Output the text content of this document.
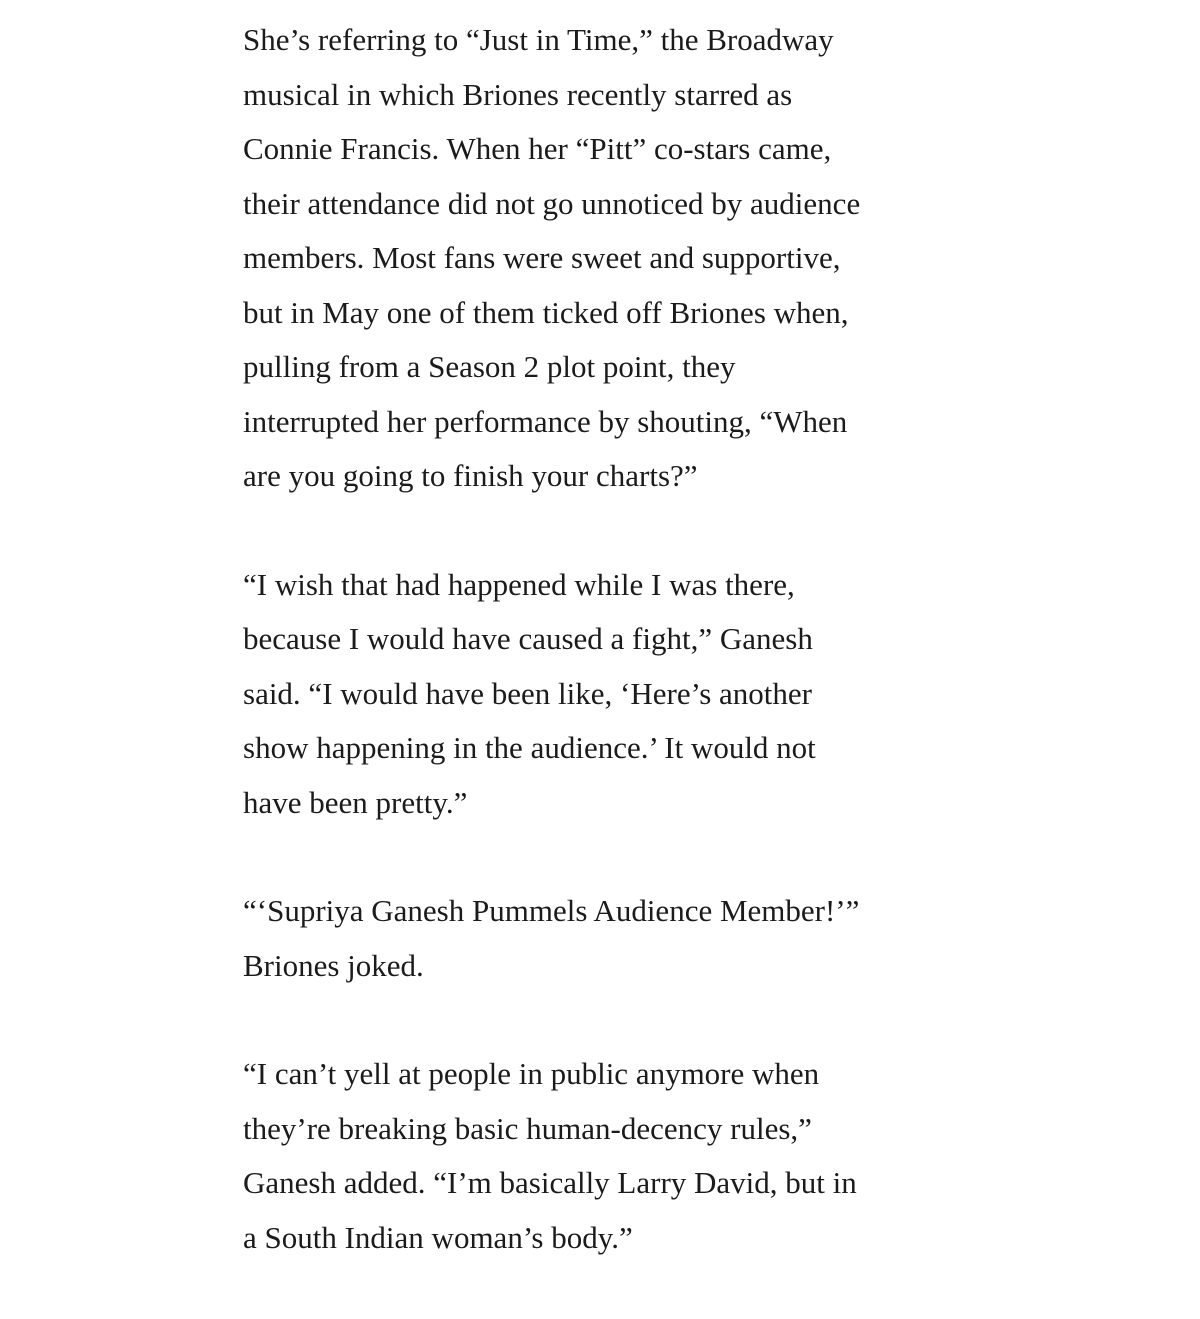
She’s referring to “Just in Time,” the Broadway
musical in which Briones recently starred as
Connie Francis. When her “Pitt” co-stars came,
their attendance did not go unnoticed by audience
members. Most fans were sweet and supportive,
but in May one of them ticked off Briones when,
pulling from a Season 2 plot point, they
interrupted her performance by shouting, “When
are you going to finish your charts?”

“I wish that had happened while I was there,
because I would have caused a fight,” Ganesh
said. “I would have been like, ‘Here’s another
show happening in the audience.’ It would not
have been pretty.”

“‘Supriya Ganesh Pummels Audience Member!’”
Briones joked.

“I can’t yell at people in public anymore when
they’re breaking basic human-decency rules,”
Ganesh added. “I’m basically Larry David, but in
a South Indian woman’s body.”
